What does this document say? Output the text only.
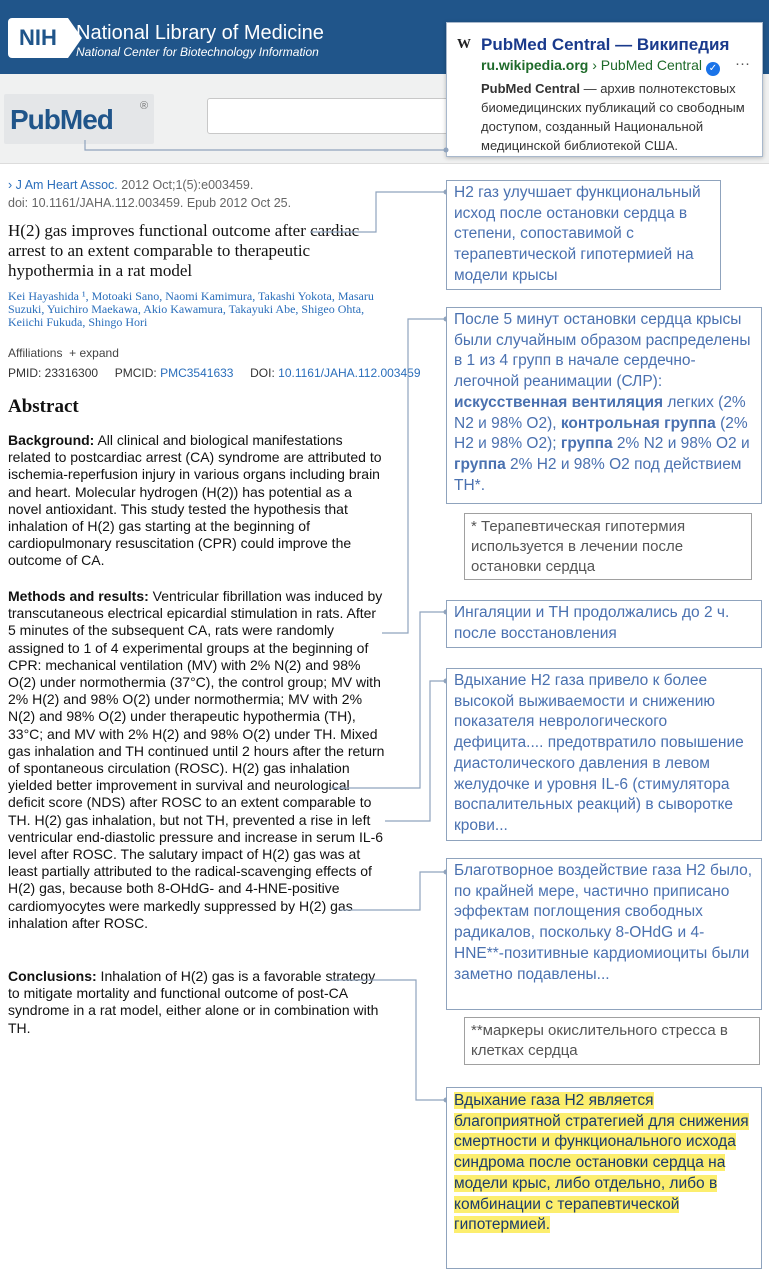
NIH National Library of Medicine
National Center for Biotechnology Information
PubMed ®
W PubMed Central — Википедия
ru.wikipedia.org › PubMed Central ✓ ···
PubMed Central — архив полнотекстовых биомедицинских публикаций со свободным доступом, созданный Национальной медицинской библиотекой США.
› J Am Heart Assoc. 2012 Oct;1(5):e003459.
doi: 10.1161/JAHA.112.003459. Epub 2012 Oct 25.
H(2) gas improves functional outcome after cardiac arrest to an extent comparable to therapeutic hypothermia in a rat model
Kei Hayashida ¹, Motoaki Sano, Naomi Kamimura, Takashi Yokota, Masaru Suzuki, Yuichiro Maekawa, Akio Kawamura, Takayuki Abe, Shigeo Ohta, Keiichi Fukuda, Shingo Hori
Affiliations + expand
PMID: 23316300 PMCID: PMC3541633 DOI: 10.1161/JAHA.112.003459
Abstract
Background: All clinical and biological manifestations related to postcardiac arrest (CA) syndrome are attributed to ischemia-reperfusion injury in various organs including brain and heart. Molecular hydrogen (H(2)) has potential as a novel antioxidant. This study tested the hypothesis that inhalation of H(2) gas starting at the beginning of cardiopulmonary resuscitation (CPR) could improve the outcome of CA.
Methods and results: Ventricular fibrillation was induced by transcutaneous electrical epicardial stimulation in rats. After 5 minutes of the subsequent CA, rats were randomly assigned to 1 of 4 experimental groups at the beginning of CPR: mechanical ventilation (MV) with 2% N(2) and 98% O(2) under normothermia (37°C), the control group; MV with 2% H(2) and 98% O(2) under normothermia; MV with 2% N(2) and 98% O(2) under therapeutic hypothermia (TH), 33°C; and MV with 2% H(2) and 98% O(2) under TH. Mixed gas inhalation and TH continued until 2 hours after the return of spontaneous circulation (ROSC). H(2) gas inhalation yielded better improvement in survival and neurological deficit score (NDS) after ROSC to an extent comparable to TH. H(2) gas inhalation, but not TH, prevented a rise in left ventricular end-diastolic pressure and increase in serum IL-6 level after ROSC. The salutary impact of H(2) gas was at least partially attributed to the radical-scavenging effects of H(2) gas, because both 8-OHdG- and 4-HNE-positive cardiomyocytes were markedly suppressed by H(2) gas inhalation after ROSC.
Conclusions: Inhalation of H(2) gas is a favorable strategy to mitigate mortality and functional outcome of post-CA syndrome in a rat model, either alone or in combination with TH.
H2 газ улучшает функциональный исход после остановки сердца в степени, сопоставимой с терапевтической гипотермией на модели крысы
После 5 минут остановки сердца крысы были случайным образом распределены в 1 из 4 групп в начале сердечно-легочной реанимации (СЛР): искусственная вентиляция легких (2% N2 и 98% O2), контрольная группа (2% H2 и 98% O2); группа 2% N2 и 98% O2 и группа 2% H2 и 98% O2 под действием TH*.
* Терапевтическая гипотермия используется в лечении после остановки сердца
Ингаляции и TH продолжались до 2 ч. после восстановления
Вдыхание H2 газа привело к более высокой выживаемости и снижению показателя неврологического дефицита.... предотвратило повышение диастолического давления в левом желудочке и уровня IL-6 (стимулятора воспалительных реакций) в сыворотке крови...
Благотворное воздействие газа H2 было, по крайней мере, частично приписано эффектам поглощения свободных радикалов, поскольку 8-OHdG и 4-HNE**-позитивные кардиомиоциты были заметно подавлены...
**маркеры окислительного стресса в клетках сердца
Вдыхание газа H2 является благоприятной стратегией для снижения смертности и функционального исхода синдрома после остановки сердца на модели крыс, либо отдельно, либо в комбинации с терапевтической гипотермией.
